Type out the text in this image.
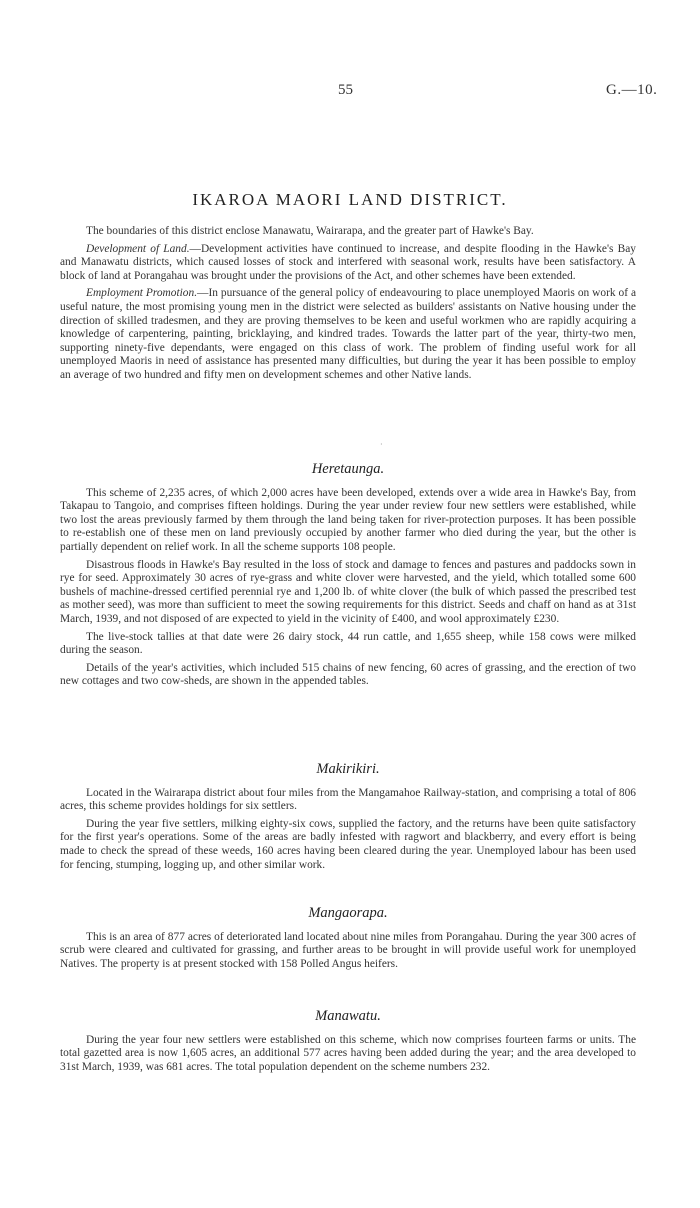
55	G.—10.
IKAROA MAORI LAND DISTRICT.

The boundaries of this district enclose Manawatu, Wairarapa, and the greater part of Hawke's Bay.

Development of Land.—Development activities have continued to increase, and despite flooding in the Hawke's Bay and Manawatu districts, which caused losses of stock and interfered with seasonal work, results have been satisfactory. A block of land at Porangahau was brought under the provisions of the Act, and other schemes have been extended.

Employment Promotion.—In pursuance of the general policy of endeavouring to place unemployed Maoris on work of a useful nature, the most promising young men in the district were selected as builders' assistants on Native housing under the direction of skilled tradesmen, and they are proving themselves to be keen and useful workmen who are rapidly acquiring a knowledge of carpentering, painting, bricklaying, and kindred trades. Towards the latter part of the year, thirty-two men, supporting ninety-five dependants, were engaged on this class of work. The problem of finding useful work for all unemployed Maoris in need of assistance has presented many difficulties, but during the year it has been possible to employ an average of two hundred and fifty men on development schemes and other Native lands.

·
Heretaunga.

This scheme of 2,235 acres, of which 2,000 acres have been developed, extends over a wide area in Hawke's Bay, from Takapau to Tangoio, and comprises fifteen holdings. During the year under review four new settlers were established, while two lost the areas previously farmed by them through the land being taken for river-protection purposes. It has been possible to re-establish one of these men on land previously occupied by another farmer who died during the year, but the other is partially dependent on relief work. In all the scheme supports 108 people.

Disastrous floods in Hawke's Bay resulted in the loss of stock and damage to fences and pastures and paddocks sown in rye for seed. Approximately 30 acres of rye-grass and white clover were harvested, and the yield, which totalled some 600 bushels of machine-dressed certified perennial rye and 1,200 lb. of white clover (the bulk of which passed the prescribed test as mother seed), was more than sufficient to meet the sowing requirements for this district. Seeds and chaff on hand as at 31st March, 1939, and not disposed of are expected to yield in the vicinity of £400, and wool approximately £230.

The live-stock tallies at that date were 26 dairy stock, 44 run cattle, and 1,655 sheep, while 158 cows were milked during the season.

Details of the year's activities, which included 515 chains of new fencing, 60 acres of grassing, and the erection of two new cottages and two cow-sheds, are shown in the appended tables.

Makirikiri.

Located in the Wairarapa district about four miles from the Mangamahoe Railway-station, and comprising a total of 806 acres, this scheme provides holdings for six settlers.

During the year five settlers, milking eighty-six cows, supplied the factory, and the returns have been quite satisfactory for the first year's operations. Some of the areas are badly infested with ragwort and blackberry, and every effort is being made to check the spread of these weeds, 160 acres having been cleared during the year. Unemployed labour has been used for fencing, stumping, logging up, and other similar work.

Mangaorapa.

This is an area of 877 acres of deteriorated land located about nine miles from Porangahau. During the year 300 acres of scrub were cleared and cultivated for grassing, and further areas to be brought in will provide useful work for unemployed Natives. The property is at present stocked with 158 Polled Angus heifers.

Manawatu.

During the year four new settlers were established on this scheme, which now comprises fourteen farms or units. The total gazetted area is now 1,605 acres, an additional 577 acres having been added during the year; and the area developed to 31st March, 1939, was 681 acres. The total population dependent on the scheme numbers 232.
